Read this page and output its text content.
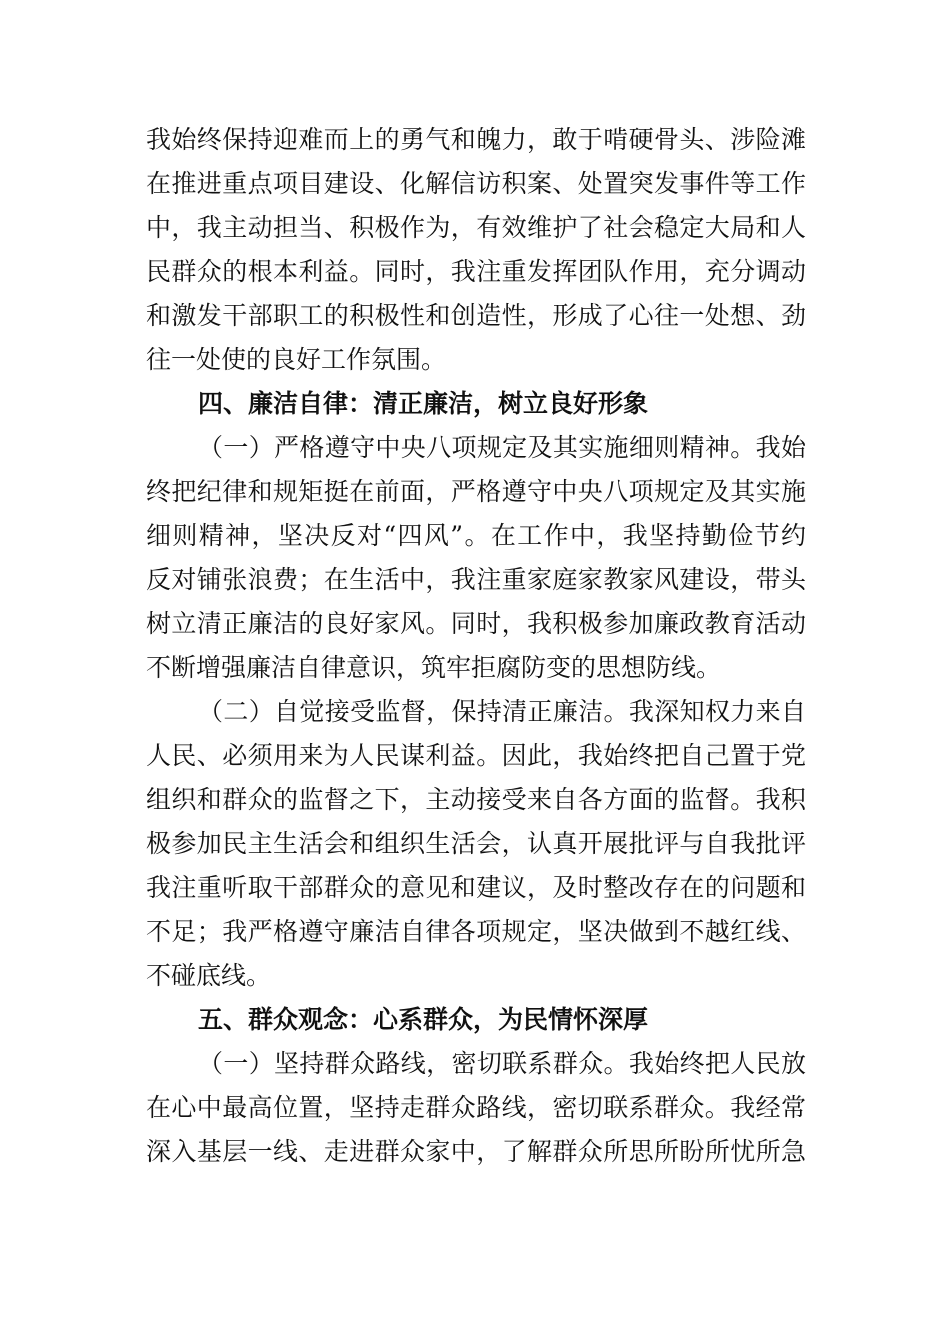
我始终保持迎难而上的勇气和魄力，敢于啃硬骨头、涉险滩
在推进重点项目建设、化解信访积案、处置突发事件等工作
中，我主动担当、积极作为，有效维护了社会稳定大局和人
民群众的根本利益。同时，我注重发挥团队作用，充分调动
和激发干部职工的积极性和创造性，形成了心往一处想、劲
往一处使的良好工作氛围。
四、廉洁自律：清正廉洁，树立良好形象
（一）严格遵守中央八项规定及其实施细则精神。我始
终把纪律和规矩挺在前面，严格遵守中央八项规定及其实施
细则精神，坚决反对“四风”。在工作中，我坚持勤俭节约
反对铺张浪费；在生活中，我注重家庭家教家风建设，带头
树立清正廉洁的良好家风。同时，我积极参加廉政教育活动
不断增强廉洁自律意识，筑牢拒腐防变的思想防线。
（二）自觉接受监督，保持清正廉洁。我深知权力来自
人民、必须用来为人民谋利益。因此，我始终把自己置于党
组织和群众的监督之下，主动接受来自各方面的监督。我积
极参加民主生活会和组织生活会，认真开展批评与自我批评
我注重听取干部群众的意见和建议，及时整改存在的问题和
不足；我严格遵守廉洁自律各项规定，坚决做到不越红线、
不碰底线。
五、群众观念：心系群众，为民情怀深厚
（一）坚持群众路线，密切联系群众。我始终把人民放
在心中最高位置，坚持走群众路线，密切联系群众。我经常
深入基层一线、走进群众家中，了解群众所思所盼所忧所急
